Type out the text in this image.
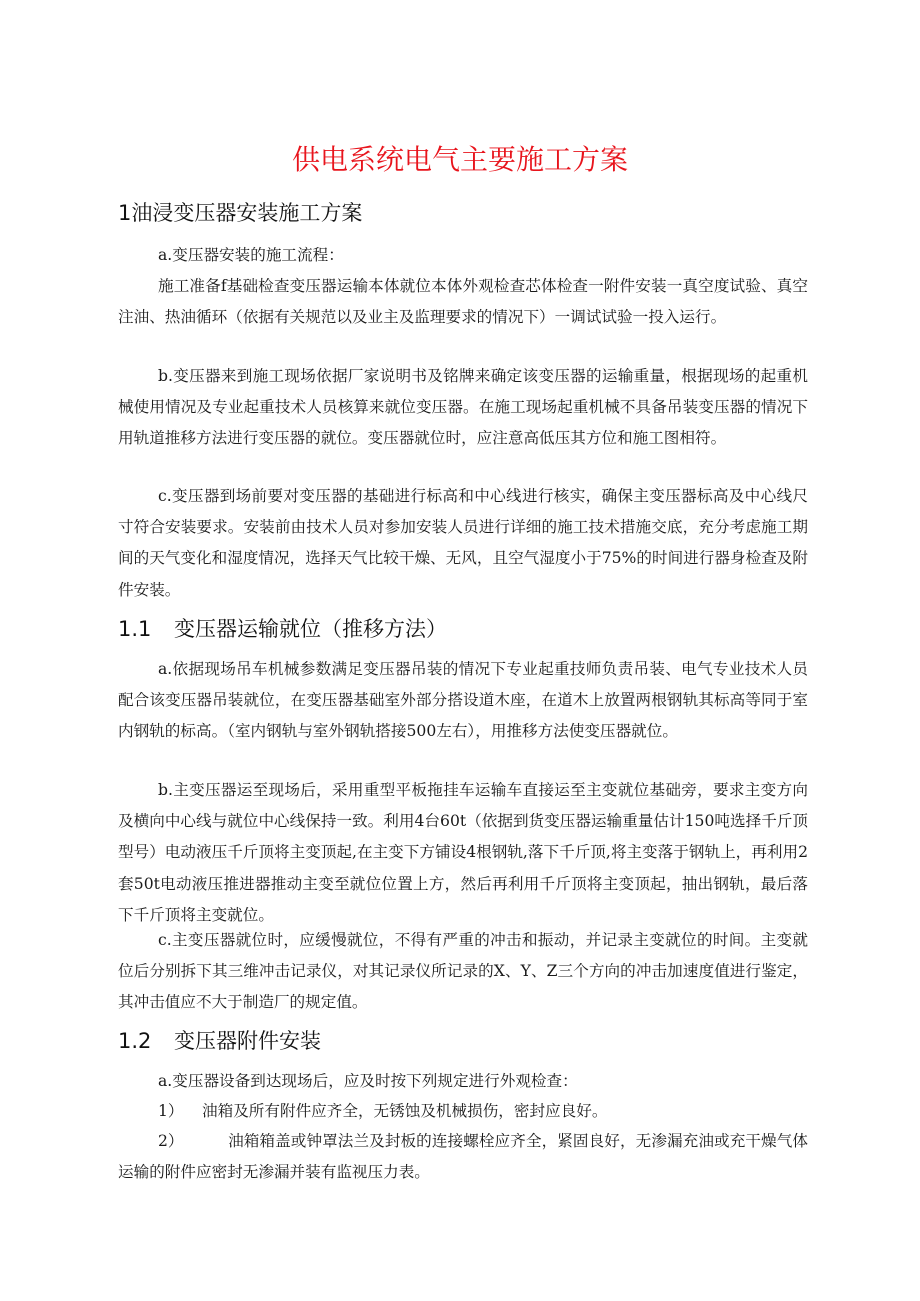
供电系统电气主要施工方案
1油浸变压器安装施工方案

a.变压器安装的施工流程：

施工准备f基础检查变压器运输本体就位本体外观检查芯体检查一附件安装一真空度试验、真空注油、热油循环（依据有关规范以及业主及监理要求的情况下）一调试试验一投入运行。

b.变压器来到施工现场依据厂家说明书及铭牌来确定该变压器的运输重量，根据现场的起重机械使用情况及专业起重技术人员核算来就位变压器。在施工现场起重机械不具备吊装变压器的情况下用轨道推移方法进行变压器的就位。变压器就位时，应注意高低压其方位和施工图相符。

c.变压器到场前要对变压器的基础进行标高和中心线进行核实，确保主变压器标高及中心线尺寸符合安装要求。安装前由技术人员对参加安装人员进行详细的施工技术措施交底，充分考虑施工期间的天气变化和湿度情况，选择天气比较干燥、无风，且空气湿度小于75%的时间进行器身检查及附件安装。

1.1 变压器运输就位（推移方法）

a.依据现场吊车机械参数满足变压器吊装的情况下专业起重技师负责吊装、电气专业技术人员配合该变压器吊装就位，在变压器基础室外部分搭设道木座，在道木上放置两根钢轨其标高等同于室内钢轨的标高。（室内钢轨与室外钢轨搭接500左右），用推移方法使变压器就位。

b.主变压器运至现场后，采用重型平板拖挂车运输车直接运至主变就位基础旁，要求主变方向及横向中心线与就位中心线保持一致。利用4台60t（依据到货变压器运输重量估计150吨选择千斤顶型号）电动液压千斤顶将主变顶起,在主变下方铺设4根钢轨,落下千斤顶,将主变落于钢轨上，再利用2套50t电动液压推进器推动主变至就位位置上方，然后再利用千斤顶将主变顶起，抽出钢轨，最后落下千斤顶将主变就位。

c.主变压器就位时，应缓慢就位，不得有严重的冲击和振动，并记录主变就位的时间。主变就位后分别拆下其三维冲击记录仪，对其记录仪所记录的X、Y、Z三个方向的冲击加速度值进行鉴定，其冲击值应不大于制造厂的规定值。

1.2 变压器附件安装

a.变压器设备到达现场后，应及时按下列规定进行外观检查：

1） 油箱及所有附件应齐全，无锈蚀及机械损伤，密封应良好。

2）	油箱箱盖或钟罩法兰及封板的连接螺栓应齐全，紧固良好，无渗漏充油或充干燥气体运输的附件应密封无渗漏并装有监视压力表。
